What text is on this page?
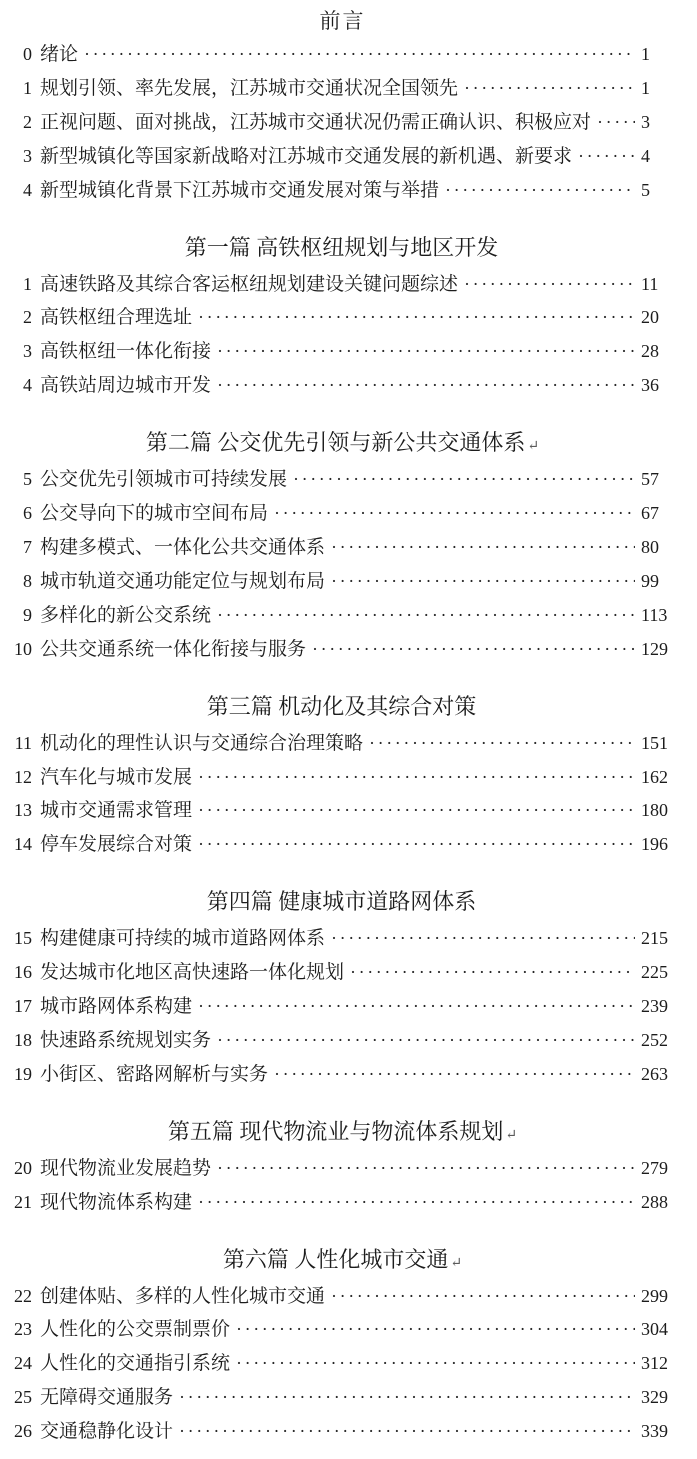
前言
0 绪论 ·····	1
1 规划引领、率先发展，江苏城市交通状况全国领先 ·····	1
2 正视问题、面对挑战，江苏城市交通状况仍需正确认识、积极应对 ·····	3
3 新型城镇化等国家新战略对江苏城市交通发展的新机遇、新要求 ·····	4
4 新型城镇化背景下江苏城市交通发展对策与举措 ·····	5
第一篇 高铁枢纽规划与地区开发
1 高速铁路及其综合客运枢纽规划建设关键问题综述 ·····	11
2 高铁枢纽合理选址 ·····	20
3 高铁枢纽一体化衔接 ·····	28
4 高铁站周边城市开发 ·····	36
第二篇 公交优先引领与新公共交通体系 ↵
5 公交优先引领城市可持续发展 ·····	57
6 公交导向下的城市空间布局 ·····	67
7 构建多模式、一体化公共交通体系 ·····	80
8 城市轨道交通功能定位与规划布局 ·····	99
9 多样化的新公交系统 ·····	113
10 公共交通系统一体化衔接与服务 ·····	129
第三篇 机动化及其综合对策
11 机动化的理性认识与交通综合治理策略 ·····	151
12 汽车化与城市发展 ·····	162
13 城市交通需求管理 ·····	180
14 停车发展综合对策 ·····	196
第四篇 健康城市道路网体系
15 构建健康可持续的城市道路网体系 ·····	215
16 发达城市化地区高快速路一体化规划 ·····	225
17 城市路网体系构建 ·····	239
18 快速路系统规划实务 ·····	252
19 小街区、密路网解析与实务 ·····	263
第五篇 现代物流业与物流体系规划 ↵
20 现代物流业发展趋势 ·····	279
21 现代物流体系构建 ·····	288
第六篇 人性化城市交通 ↵
22 创建体贴、多样的人性化城市交通 ·····	299
23 人性化的公交票制票价 ·····	304
24 人性化的交通指引系统 ·····	312
25 无障碍交通服务 ·····	329
26 交通稳静化设计 ·····	339
